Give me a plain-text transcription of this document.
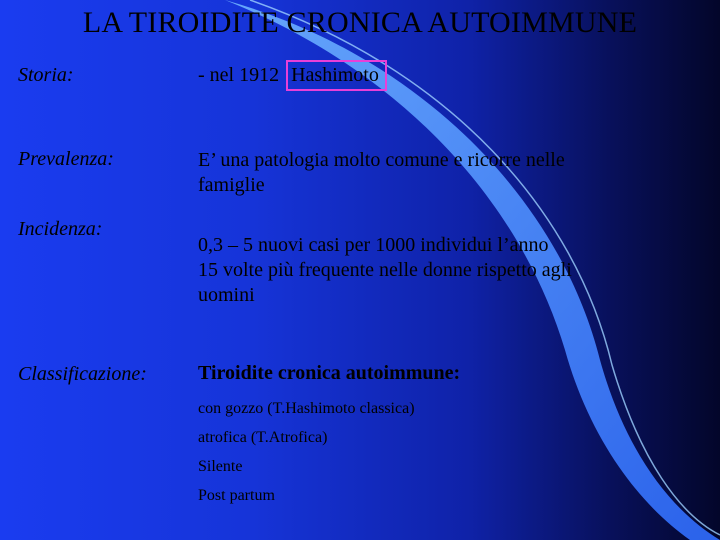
LA TIROIDITE CRONICA AUTOIMMUNE
Storia:	- nel 1912 Hashimoto
Prevalenza:	E’ una patologia molto comune e ricorre nelle
famiglie
Incidenza:
0,3 – 5 nuovi casi per 1000 individui l’anno
15 volte più frequente nelle donne rispetto agli
uomini
Classificazione:	Tiroidite cronica autoimmune:
con gozzo (T.Hashimoto classica)
atrofica (T.Atrofica)
Silente
Post partum
